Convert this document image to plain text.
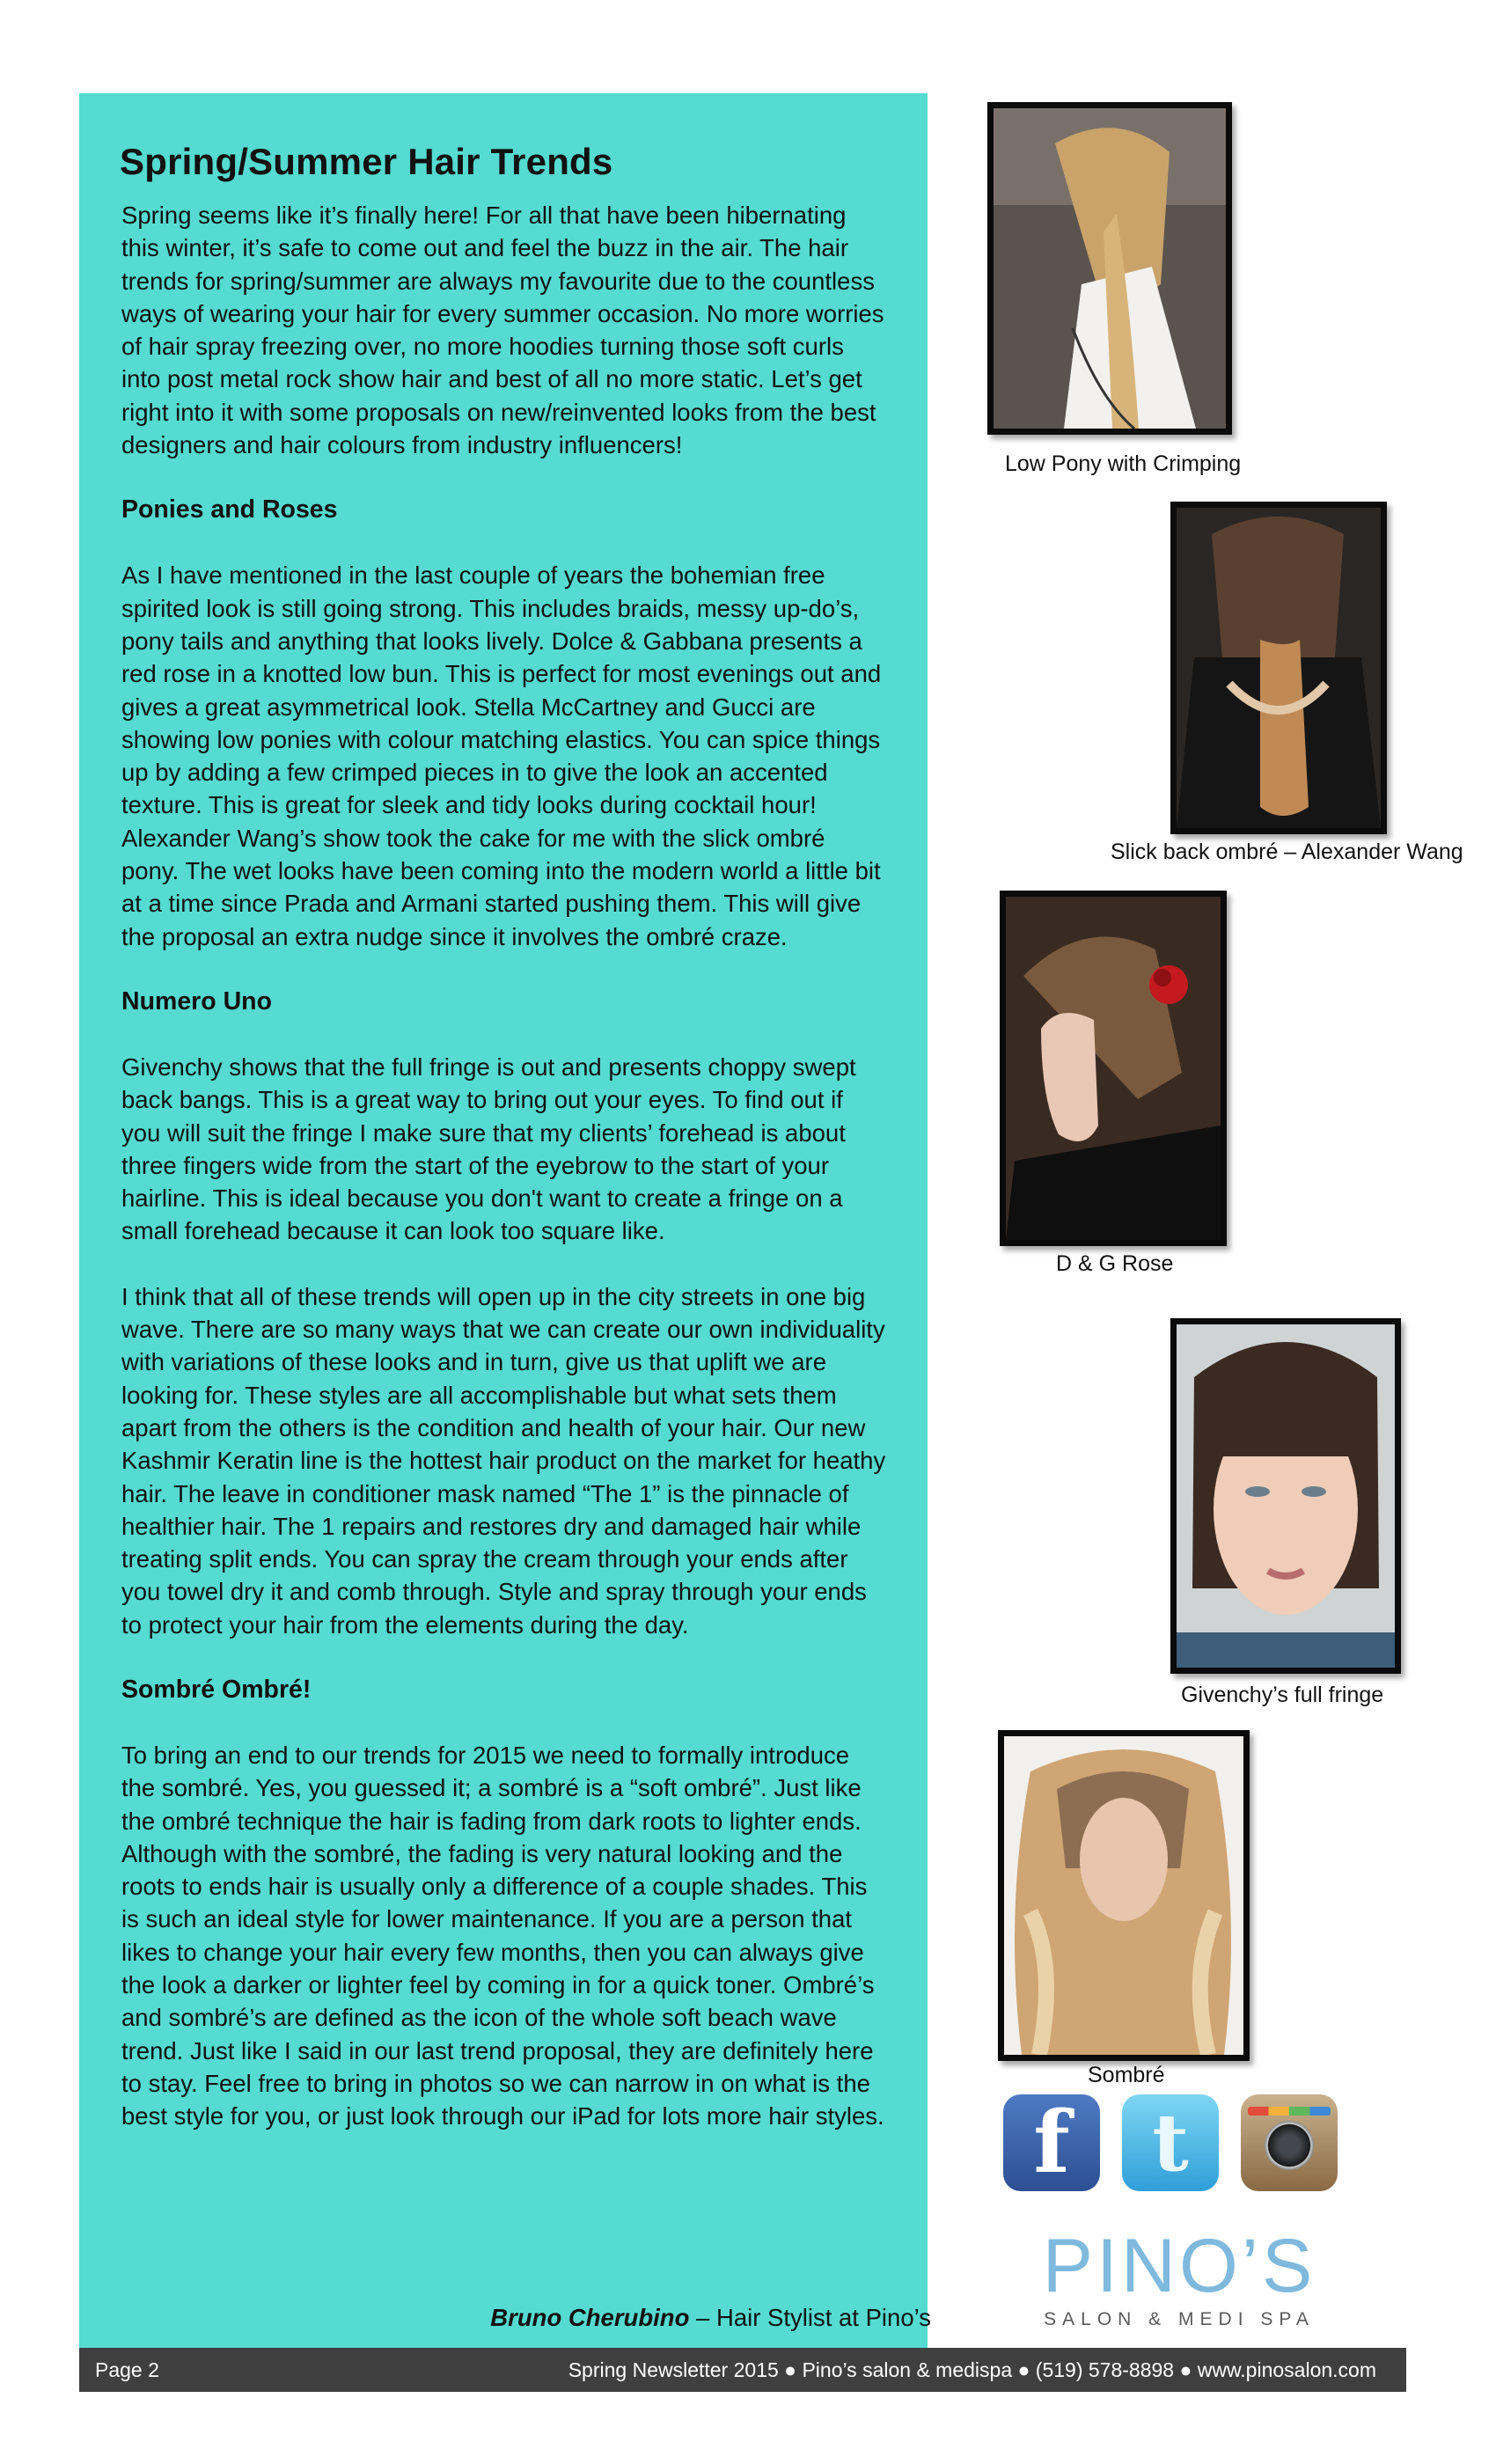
Spring/Summer Hair Trends

Spring seems like it’s finally here! For all that have been hibernating this winter, it’s safe to come out and feel the buzz in the air. The hair trends for spring/summer are always my favourite due to the countless ways of wearing your hair for every summer occasion. No more worries of hair spray freezing over, no more hoodies turning those soft curls into post metal rock show hair and best of all no more static. Let’s get right into it with some proposals on new/reinvented looks from the best designers and hair colours from industry influencers!

Ponies and Roses

As I have mentioned in the last couple of years the bohemian free spirited look is still going strong. This includes braids, messy up-do’s, pony tails and anything that looks lively. Dolce & Gabbana presents a red rose in a knotted low bun. This is perfect for most evenings out and gives a great asymmetrical look. Stella McCartney and Gucci are showing low ponies with colour matching elastics. You can spice things up by adding a few crimped pieces in to give the look an accented texture. This is great for sleek and tidy looks during cocktail hour! Alexander Wang’s show took the cake for me with the slick ombré pony. The wet looks have been coming into the modern world a little bit at a time since Prada and Armani started pushing them. This will give the proposal an extra nudge since it involves the ombré craze.

Numero Uno

Givenchy shows that the full fringe is out and presents choppy swept back bangs. This is a great way to bring out your eyes. To find out if you will suit the fringe I make sure that my clients’ forehead is about three fingers wide from the start of the eyebrow to the start of your hairline. This is ideal because you don't want to create a fringe on a small forehead because it can look too square like.

I think that all of these trends will open up in the city streets in one big wave. There are so many ways that we can create our own individuality with variations of these looks and in turn, give us that uplift we are looking for. These styles are all accomplishable but what sets them apart from the others is the condition and health of your hair. Our new Kashmir Keratin line is the hottest hair product on the market for heathy hair. The leave in conditioner mask named “The 1” is the pinnacle of healthier hair. The 1 repairs and restores dry and damaged hair while treating split ends. You can spray the cream through your ends after you towel dry it and comb through. Style and spray through your ends to protect your hair from the elements during the day.

Sombré Ombré!

To bring an end to our trends for 2015 we need to formally introduce the sombré. Yes, you guessed it; a sombré is a “soft ombré”. Just like the ombré technique the hair is fading from dark roots to lighter ends. Although with the sombré, the fading is very natural looking and the roots to ends hair is usually only a difference of a couple shades. This is such an ideal style for lower maintenance. If you are a person that likes to change your hair every few months, then you can always give the look a darker or lighter feel by coming in for a quick toner. Ombré’s and sombré’s are defined as the icon of the whole soft beach wave trend. Just like I said in our last trend proposal, they are definitely here to stay. Feel free to bring in photos so we can narrow in on what is the best style for you, or just look through our iPad for lots more hair styles.

Bruno Cherubino – Hair Stylist at Pino’s
Low Pony with Crimping
Slick back ombré – Alexander Wang
D & G Rose
Givenchy’s full fringe
Sombré
f	t
PINO’S
SALON & MEDI SPA
Page 2	Spring Newsletter 2015 ● Pino’s salon & medispa ● (519) 578-8898 ● www.pinosalon.com
